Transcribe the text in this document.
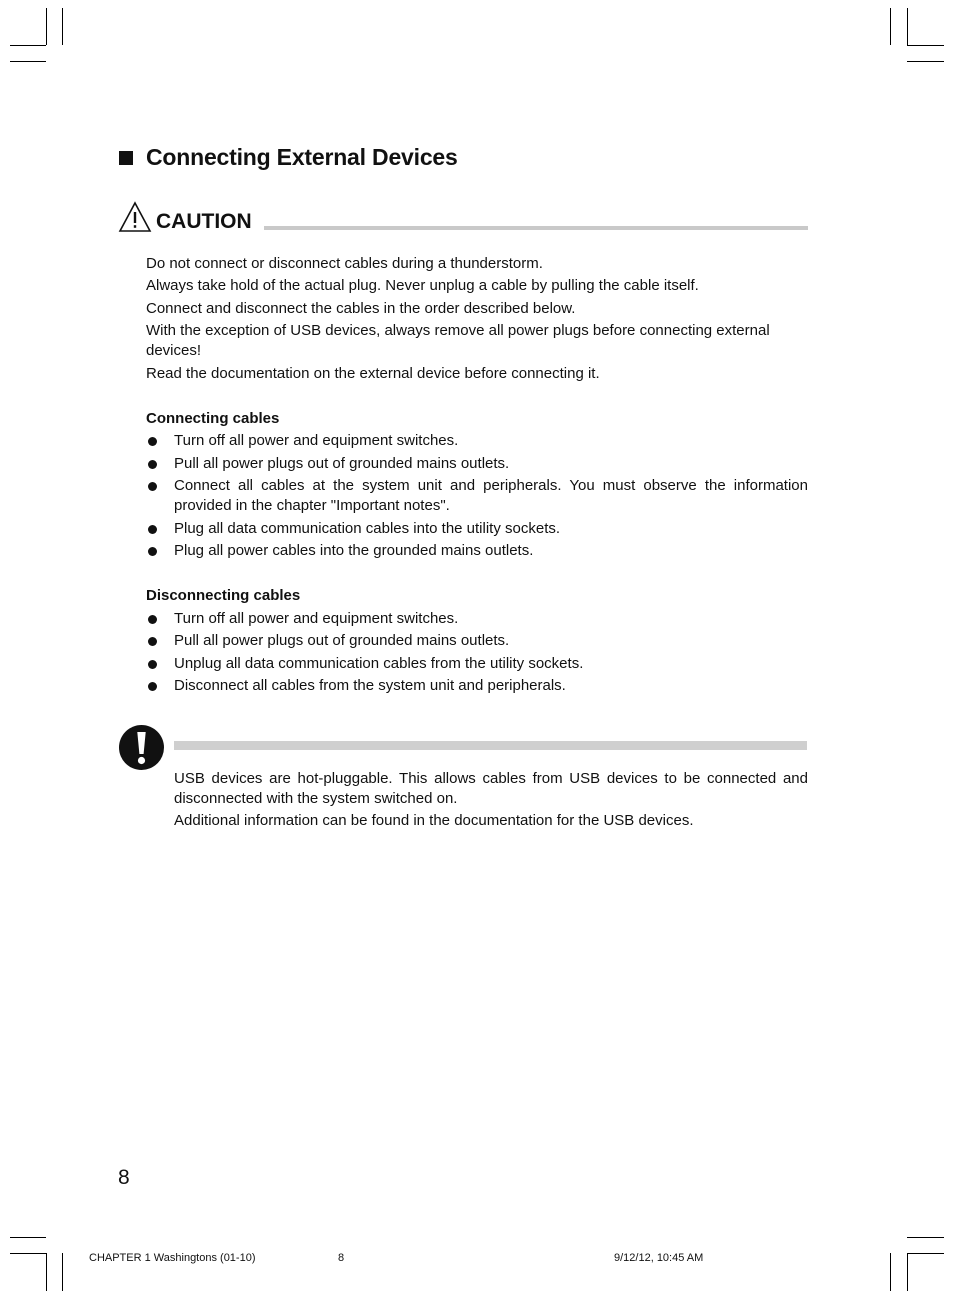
Connecting External Devices
CAUTION

Do not connect or disconnect cables during a thunderstorm.

Always take hold of the actual plug. Never unplug a cable by pulling the cable itself.

Connect and disconnect the cables in the order described below.

With the exception of USB devices, always remove all power plugs before connecting external devices!

Read the documentation on the external device before connecting it.

Connecting cables

Turn off all power and equipment switches.
Pull all power plugs out of grounded mains outlets.
Connect all cables at the system unit and peripherals. You must observe the information provided in the chapter "Important notes".
Plug all data communication cables into the utility sockets.
Plug all power cables into the grounded mains outlets.

Disconnecting cables

Turn off all power and equipment switches.
Pull all power plugs out of grounded mains outlets.
Unplug all data communication cables from the utility sockets.
Disconnect all cables from the system unit and peripherals.

USB devices are hot-pluggable. This allows cables from USB devices to be connected and disconnected with the system switched on.

Additional information can be found in the documentation for the USB devices.

8
CHAPTER 1 Washingtons (01-10)	8	9/12/12, 10:45 AM
